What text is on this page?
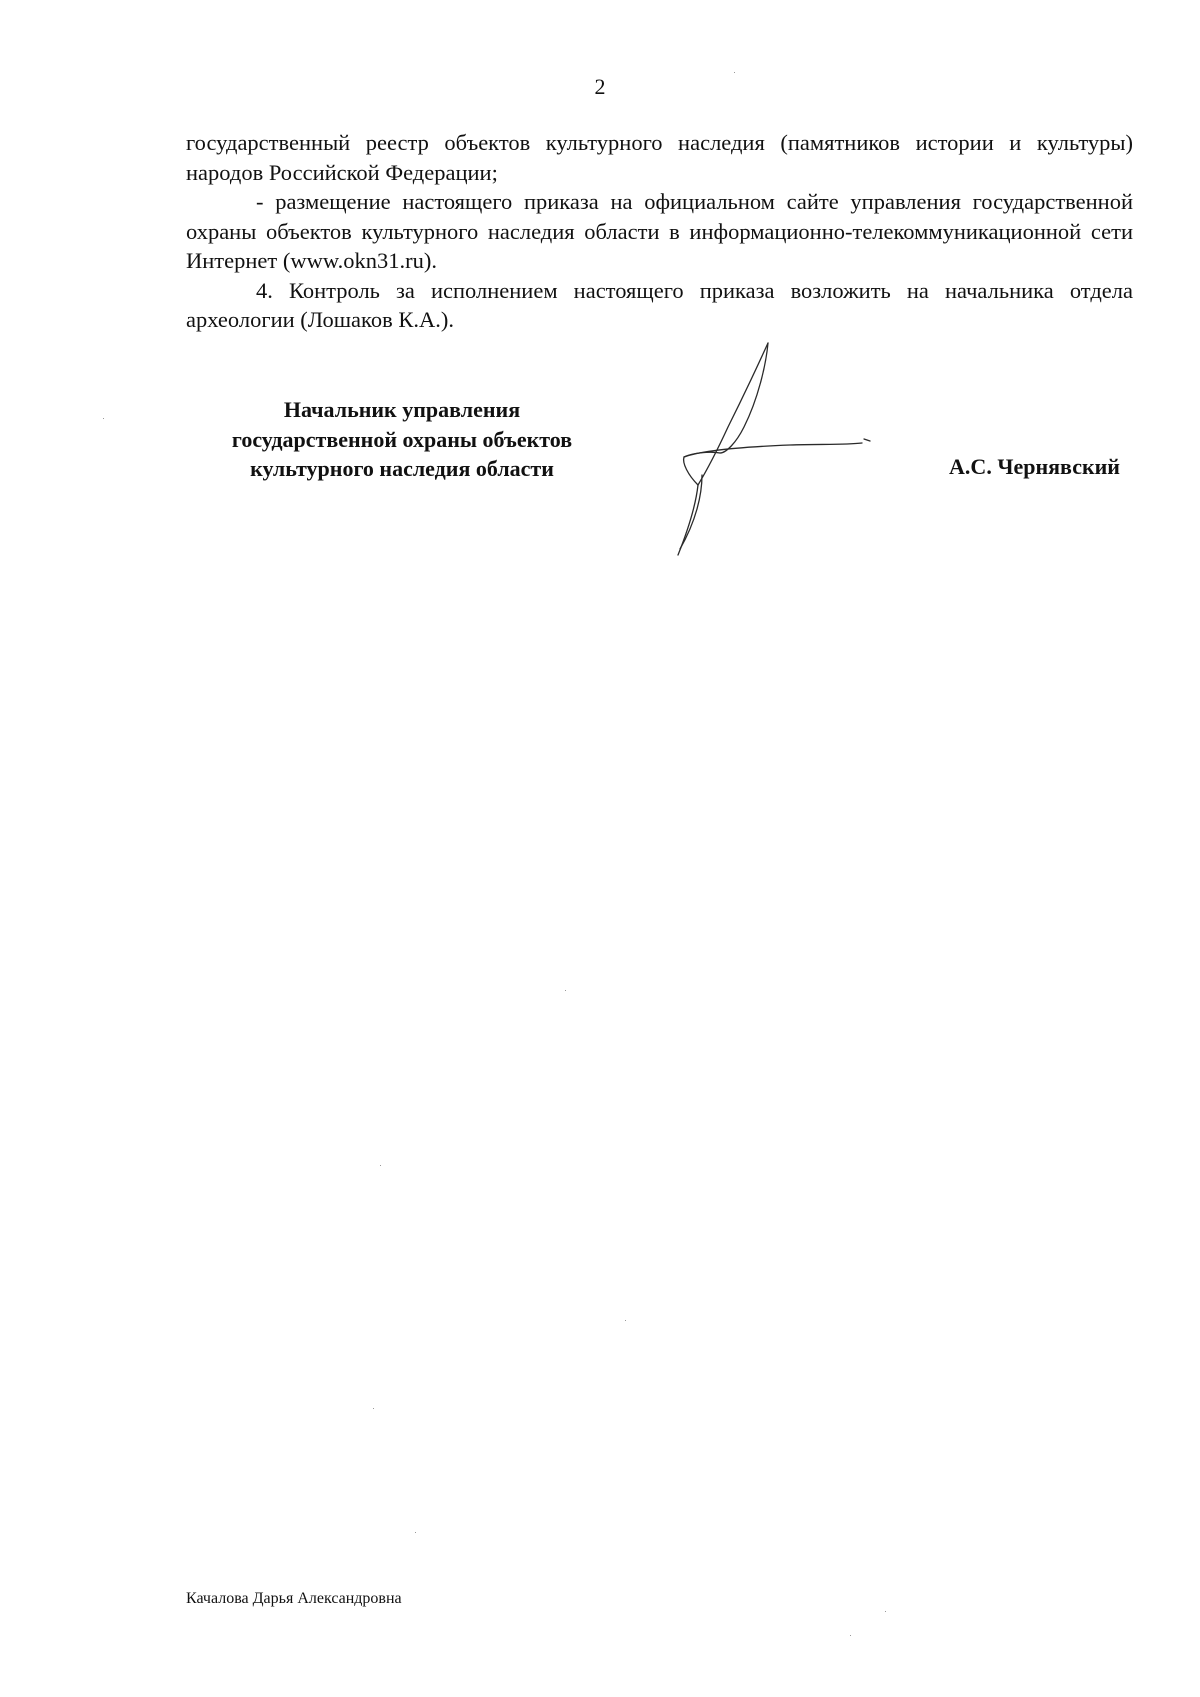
2

государственный реестр объектов культурного наследия (памятников истории и культуры) народов Российской Федерации;

- размещение настоящего приказа на официальном сайте управления государственной охраны объектов культурного наследия области в информационно-телекоммуникационной сети Интернет (www.okn31.ru).

4. Контроль за исполнением настоящего приказа возложить на начальника отдела археологии (Лошаков К.А.).

Начальник управления
государственной охраны объектов
культурного наследия области	А.С. Чернявский
Качалова Дарья Александровна
